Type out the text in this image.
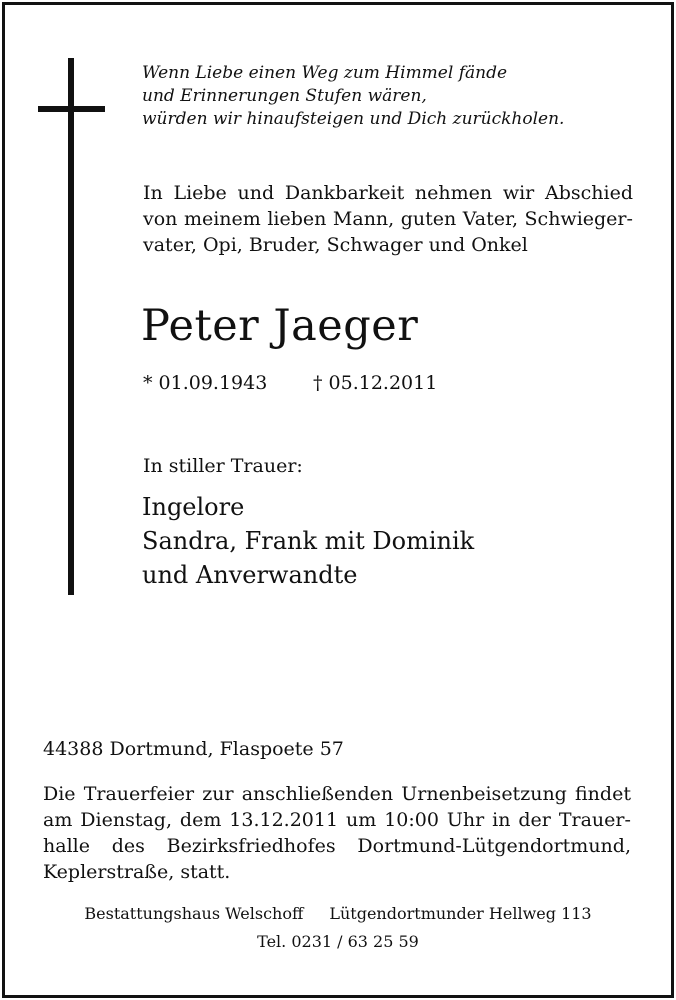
Wenn Liebe einen Weg zum Himmel fände
und Erinnerungen Stufen wären,
würden wir hinaufsteigen und Dich zurückholen.
In Liebe und Dankbarkeit nehmen wir Abschied
von meinem lieben Mann, guten Vater, Schwieger-
vater, Opi, Bruder, Schwager und Onkel
Peter Jaeger
* 01.09.1943 † 05.12.2011
In stiller Trauer:
Ingelore
Sandra, Frank mit Dominik
und Anverwandte
44388 Dortmund, Flaspoete 57
Die Trauerfeier zur anschließenden Urnenbeisetzung findet
am Dienstag, dem 13.12.2011 um 10:00 Uhr in der Trauer-
halle des Bezirksfriedhofes Dortmund-Lütgendortmund,
Keplerstraße,
statt.
Bestattungshaus Welschoff Lütgendortmunder Hellweg 113
Tel. 0231 / 63 25 59
